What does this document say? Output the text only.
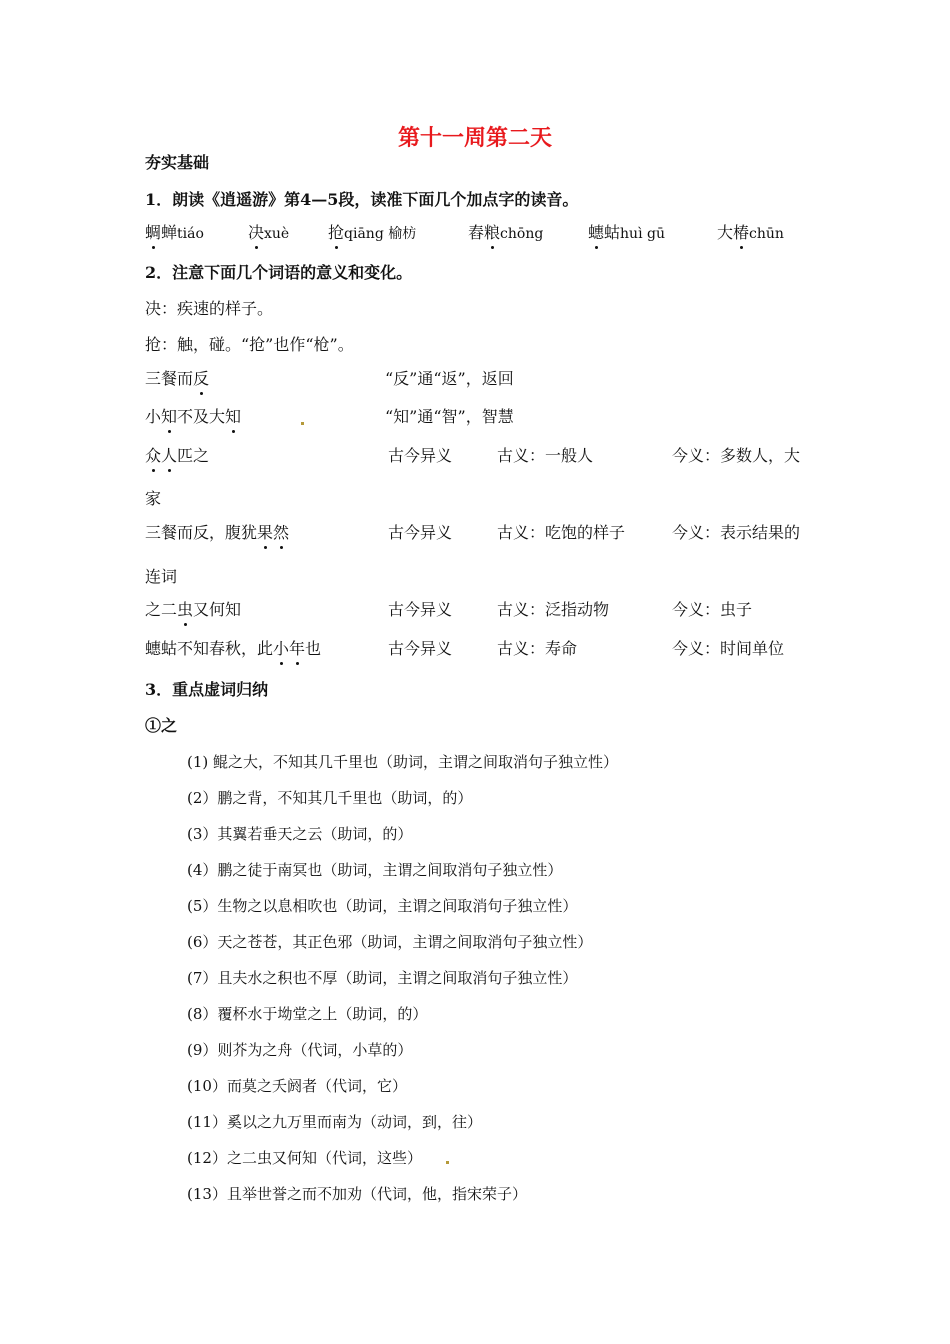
第十一周第二天
夯实基础
1．朗读《逍遥游》第4—5段，读准下面几个加点字的读音。
蜩蝉tiáo	决xuè 抢qiāng 榆枋	舂粮chōng	蟪蛄huì gū	大椿chūn
2．注意下面几个词语的意义和变化。
决：疾速的样子。
抢：触，碰。“抢”也作“枪”。
三餐而反	“反”通“返”，返回
小知不及大知	“知”通“智”，智慧
众人匹之	古今异义	古义：一般人	今义：多数人，大
家
三餐而反，腹犹果然	古今异义	古义：吃饱的样子	今义：表示结果的
连词
之二虫又何知	古今异义	古义：泛指动物	今义：虫子
蟪蛄不知春秋，此小年也	古今异义	古义：寿命	今义：时间单位
3．重点虚词归纳
①之
(1) 鲲之大，不知其几千里也（助词，主谓之间取消句子独立性）
(2）鹏之背，不知其几千里也（助词，的）
(3）其翼若垂天之云（助词，的）
(4）鹏之徒于南冥也（助词，主谓之间取消句子独立性）
(5）生物之以息相吹也（助词，主谓之间取消句子独立性）
(6）天之苍苍，其正色邪（助词，主谓之间取消句子独立性）
(7）且夫水之积也不厚（助词，主谓之间取消句子独立性）
(8）覆杯水于坳堂之上（助词，的）
(9）则芥为之舟（代词，小草的）
(10）而莫之夭阏者（代词，它）
(11）奚以之九万里而南为（动词，到，往）
(12）之二虫又何知（代词，这些）
(13）且举世誉之而不加劝（代词，他，指宋荣子）
